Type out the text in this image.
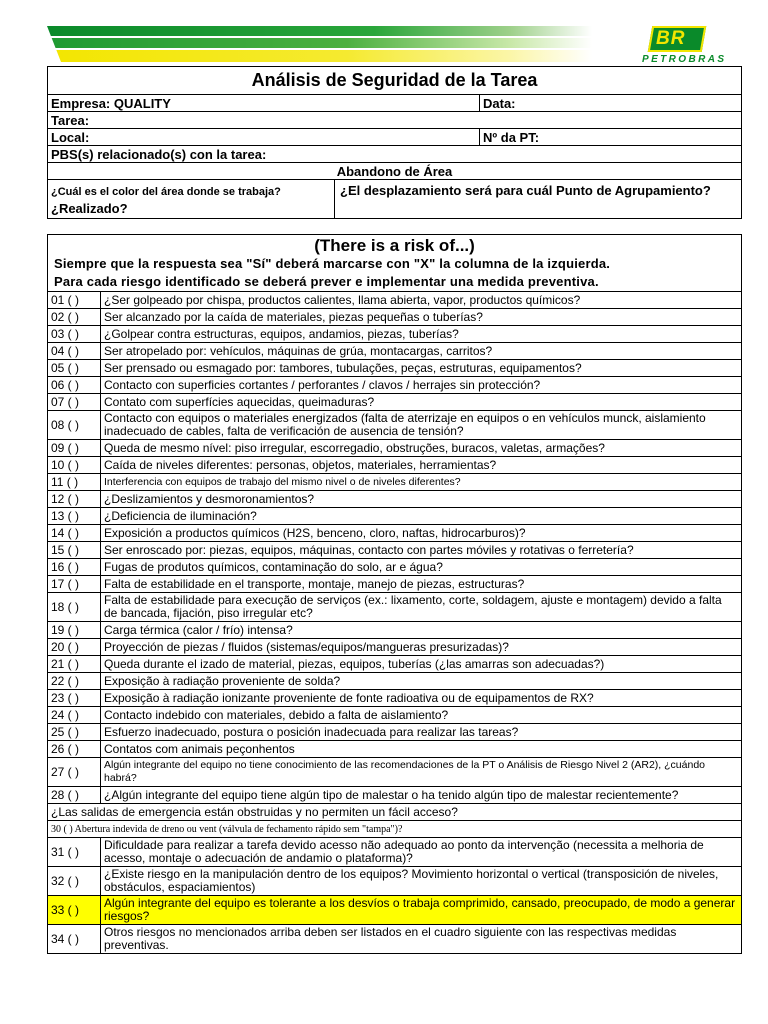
BR
PETROBRAS
Análisis de Seguridad de la Tarea		
Empresa: QUALITY		Data:
Tarea:		
Local:		Nº da PT:
PBS(s) relacionado(s) con la tarea:		
Abandono de Área		

¿Cuál es el color del área donde se trabaja?
¿Realizado?	¿El desplazamiento será para cuál Punto de Agrupamiento?	
(There is a risk of...)	

Siempre que la respuesta sea "Sí" deberá marcarse con "X" la columna de la izquierda.
Para cada riesgo identificado se deberá prever e implementar una medida preventiva.	

01 ( )	¿Ser golpeado por chispa, productos calientes, llama abierta, vapor, productos químicos?
02 ( )	Ser alcanzado por la caída de materiales, piezas pequeñas o tuberías?
03 ( )	¿Golpear contra estructuras, equipos, andamios, piezas, tuberías?
04 ( )	Ser atropelado por: vehículos, máquinas de grúa, montacargas, carritos?
05 ( )	Ser prensado ou esmagado por: tambores, tubulações, peças, estruturas, equipamentos?
06 ( )	Contacto con superficies cortantes / perforantes / clavos / herrajes sin protección?
07 ( )	Contato com superfícies aquecidas, queimaduras?
08 ( )	Contacto con equipos o materiales energizados (falta de aterrizaje en equipos o en vehículos munck, aislamiento inadecuado de cables, falta de verificación de ausencia de tensión?
09 ( )	Queda de mesmo nível: piso irregular, escorregadio, obstruções, buracos, valetas, armações?
10 ( )	Caída de niveles diferentes: personas, objetos, materiales, herramientas?
11 ( )	Interferencia con equipos de trabajo del mismo nivel o de niveles diferentes?
12 ( )	¿Deslizamientos y desmoronamientos?
13 ( )	¿Deficiencia de iluminación?
14 ( )	Exposición a productos químicos (H2S, benceno, cloro, naftas, hidrocarburos)?
15 ( )	Ser enroscado por: piezas, equipos, máquinas, contacto con partes móviles y rotativas o ferretería?
16 ( )	Fugas de produtos químicos, contaminação do solo, ar e água?
17 ( )	Falta de estabilidade en el transporte, montaje, manejo de piezas, estructuras?
18 ( )	Falta de estabilidade para execução de serviços (ex.: lixamento, corte, soldagem, ajuste e montagem) devido a falta de bancada, fijación, piso irregular etc?
19 ( )	Carga térmica (calor / frío) intensa?
20 ( )	Proyección de piezas / fluidos (sistemas/equipos/mangueras presurizadas)?
21 ( )	Queda durante el izado de material, piezas, equipos, tuberías (¿las amarras son adecuadas?)
22 ( )	Exposição à radiação proveniente de solda?
23 ( )	Exposição à radiação ionizante proveniente de fonte radioativa ou de equipamentos de RX?
24 ( )	Contacto indebido con materiales, debido a falta de aislamiento?
25 ( )	Esfuerzo inadecuado, postura o posición inadecuada para realizar las tareas?
26 ( )	Contatos com animais peçonhentos
27 ( )	Algún integrante del equipo no tiene conocimiento de las recomendaciones de la PT o Análisis de Riesgo Nivel 2 (AR2), ¿cuándo habrá?
28 ( )	¿Algún integrante del equipo tiene algún tipo de malestar o ha tenido algún tipo de malestar recientemente?
¿Las salidas de emergencia están obstruidas y no permiten un fácil acceso?	
30 ( ) Abertura indevida de dreno ou vent (válvula de fechamento rápido sem "tampa")?	
31 ( )	Dificuldade para realizar a tarefa devido acesso não adequado ao ponto da intervenção (necessita a melhoria de acesso, montaje o adecuación de andamio o plataforma)?
32 ( )	¿Existe riesgo en la manipulación dentro de los equipos? Movimiento horizontal o vertical (transposición de niveles, obstáculos, espaciamientos)
33 ( )	Algún integrante del equipo es tolerante a los desvíos o trabaja comprimido, cansado, preocupado, de modo a generar riesgos?
34 ( )	Otros riesgos no mencionados arriba deben ser listados en el cuadro siguiente con las respectivas medidas preventivas.
